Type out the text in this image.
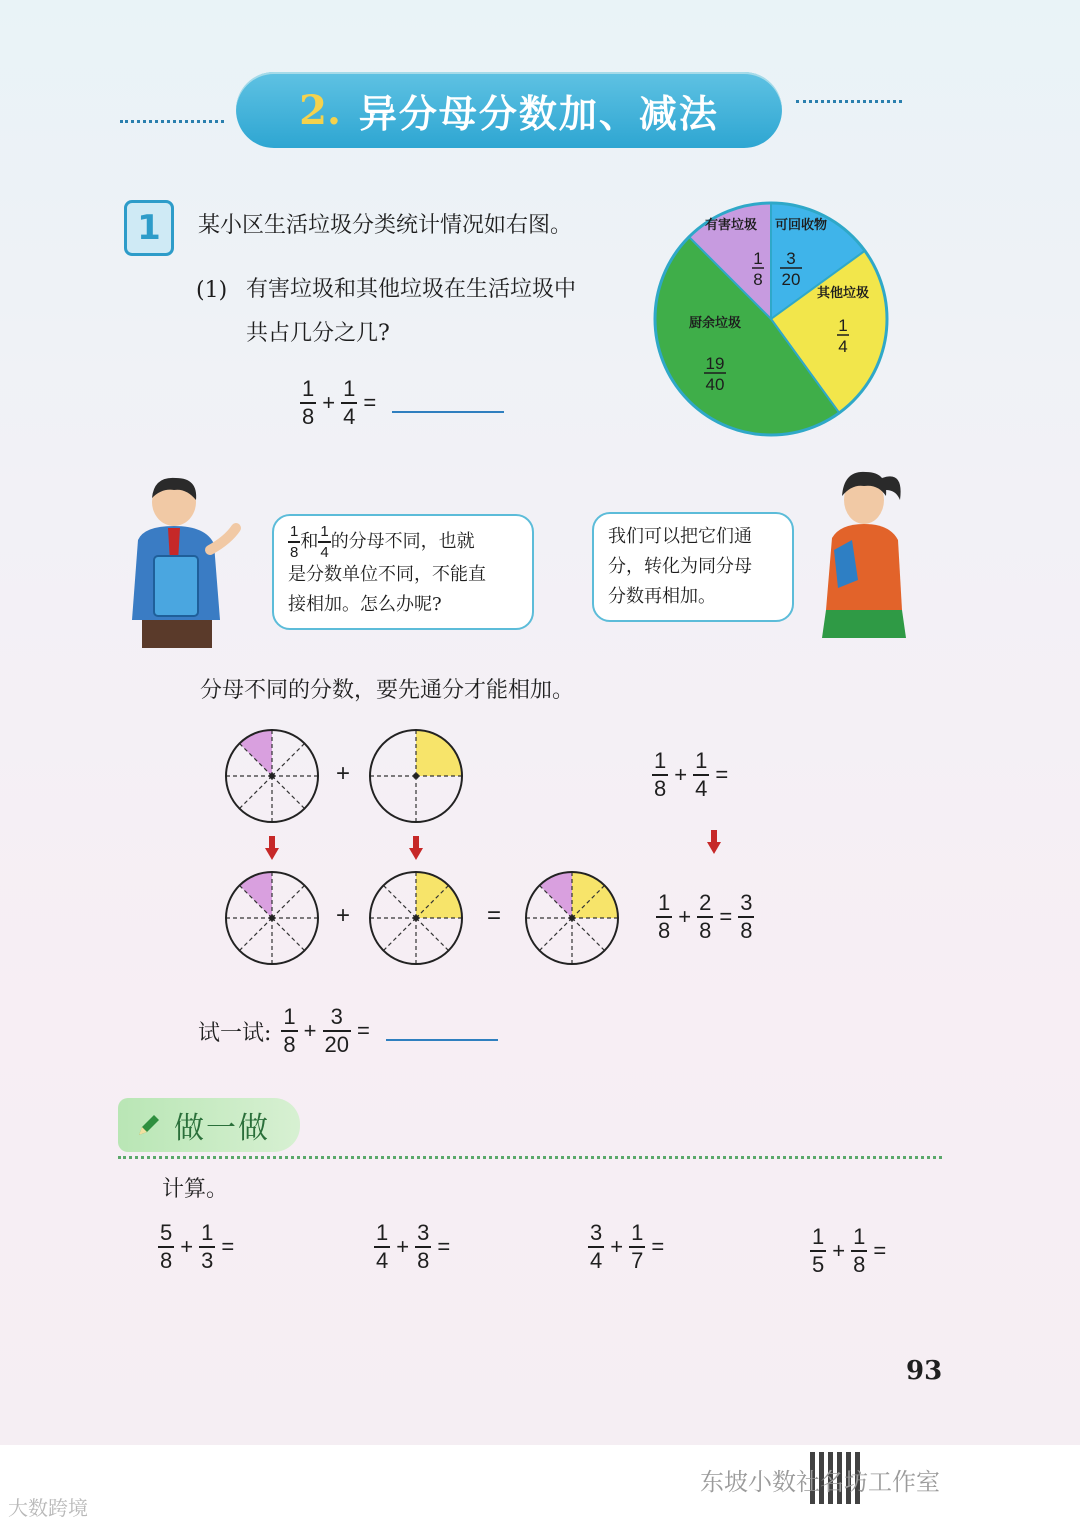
2. 异分母分数加、减法
1	某小区生活垃圾分类统计情况如右图。
(1) 有害垃圾和其他垃圾在生活垃圾中
共占几分之几?
有害垃圾
1
8
可回收物
3
20
其他垃圾
1
4
厨余垃圾
19
40
$\frac{1}{8} + \frac{1}{4}$ =
$\frac{1}{8}$ 和 $\frac{1}{4}$ 的分母不同，也就
是分数单位不同，不能直
接相加。怎么办呢?
我们可以把它们通
分，转化为同分母
分数再相加。
分母不同的分数，要先通分才能相加。
+
+	=
$\frac{1}{8} + \frac{1}{4}$ =
$\frac{1}{8} + \frac{2}{8} = \frac{3}{8}$
试一试: $\frac{1}{8} + \frac{3}{20}$ =
做一做
计算。
$\frac{5}{8} + \frac{1}{3}$ =	$\frac{1}{4} + \frac{3}{8}$ =	$\frac{3}{4} + \frac{1}{7}$ =	$\frac{1}{5} + \frac{1}{8}$ =
93
大数跨境
东坡小数社名坊工作室
